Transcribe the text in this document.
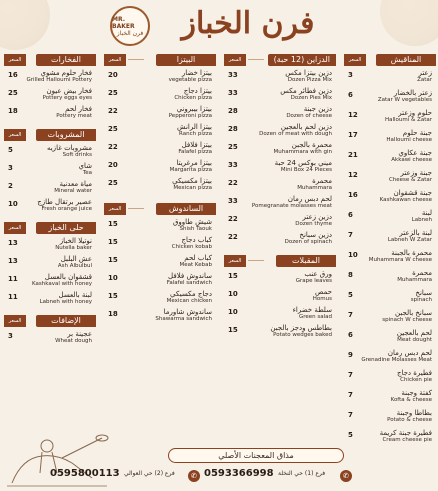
MR. BAKER
فرن الخباز	فرن الخباز
الفخارات
السعر
16	فخار حلوم مشوي
Grilled Halloumi Pottery
25	فخار بيض عيون
Pottery eggs eyes
18	فخار لحم
Pottery meat
المشروبات
السعر
5	مشروبات غازيه
Soft drinks
3	شاي
Tea
2	مياة معدنية
Mineral water
10	عصير برتقال طازج
Fresh orange juice
حلى الخباز
السعر
13	نوتيلا الخباز
Nutella baker
13	عش البلبل
Ash Albulbul
11	قشقوان بالعسل
Kashkaval with honey
11	لبنة بالعسل
Labneh with honey
الإضافات
السعر
3	عجينة بر
Wheat dough
البيتزا
السعر
20	بيتزا خضار
vegetable pizza
25	بيتزا دجاج
Chicken pizza
22	بيتزا بيبروني
Pepperoni pizza
25	بيتزا الرانش
Ranch pizza
22	بيتزا فلافل
Falafel pizza
20	بيتزا مرغريتا
Margarita pizza
25	بيتزا مكسيكي
Mexican pizza
الساندوش
السعر
15	شيش طاووق
Shish Taouk
15	كباب دجاج
Chicken kobab
15	كباب لحم
Meat Kebab
10	ساندوش فلافل
Falafel sandwich
15	دجاج مكسيكي
Mexican chicken
18	ساندوش شاورما
Shawarma sandwich
الدزاين (12 حبة)
السعر
33	دزين بيتزا مكس
Dozen Pizza Mix
33	دزين فطائر مكس
Dozen Pies Mix
28	دزين جبنة
Dozen of cheese
28	دزين لحم بالعجين
Dozen of meat with dough
25	محمرة بالجبن
Muhammara with gin
33	ميني بوكس 24 حبة
Mini Box 24 Pieces
22	محمرة
Muhammara
33	لحم دبس رمان
Pomegranate molasses meat
22	دزين زعتر
Dozen thyme
22	دزين سبانخ
Dozen of spinach
المقبلات
السعر
15	ورق عنب
Grape leaves
10	حمص
Homus
10	سلطة خضراء
Green salad
15	بطاطس ودجز بالجبن
Potato wedges baked
المناقيش
السعر
3	زعتر
Zatar
6	زعتر بالخضار
Zatar W vegetables
12	حلوم وزعتر
Halloumi & Zatar
17	جبنة حلوم
Halloumi cheese
21	جبنة عكاوي
Akkawi cheese
12	جبنة وزعتر
Cheese & Zatar
16	جبنة قشقوان
Kashkawan cheese
6	لبنة
Labneh
7	لبنة بالزعتر
Labneh W Zatar
10	محمرة بالجبنة
Muhammara W cheese
8	محمرة
Muhammara
5	سبانخ
spinach
7	سبانخ بالجبن
spinach W cheese
6	لحم بالعجين
Meat dought
9	لحم دبس رمان
Grenadine Molasses Meat
7	فطيرة دجاج
Chicken pie
7	كفتة وجبنة
Kofta & cheese
7	بطاطا وجبنة
Potato & cheese
5	فطيرة جبنة كريمة
Cream cheese pie
مذاق المعجنات الأصلي
0595800113 فرع (2) حي العوالي	✆ 0593366998 فرع (1) حي النخلة	✆
